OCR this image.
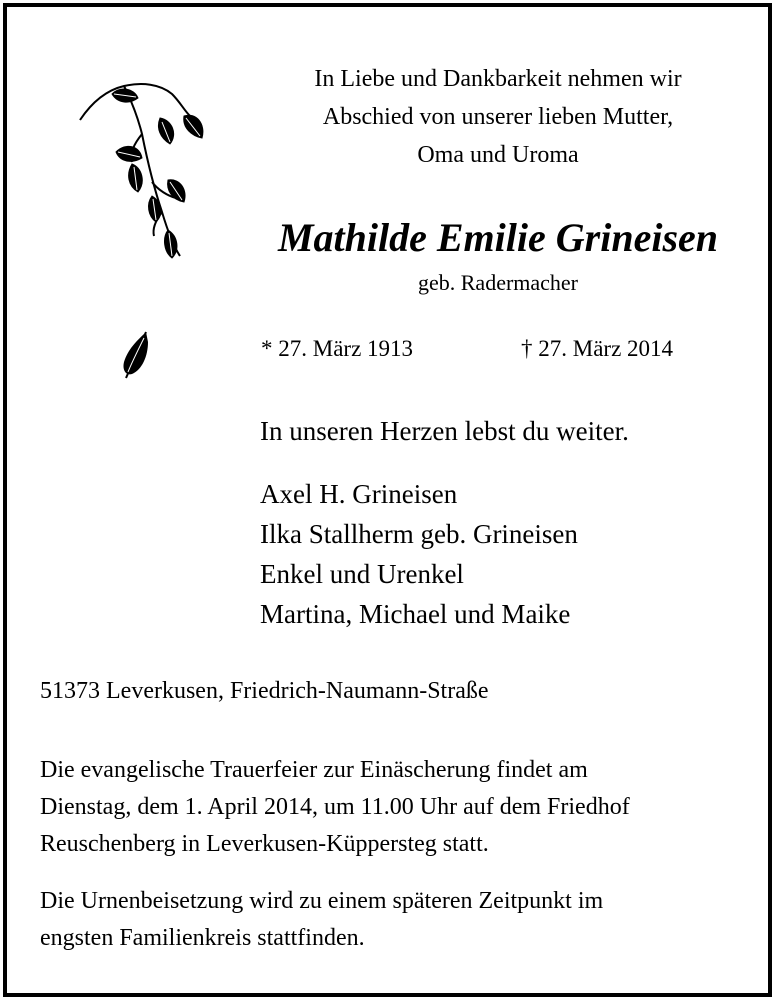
In Liebe und Dankbarkeit nehmen wir
Abschied von unserer lieben Mutter,
Oma und Uroma
Mathilde Emilie Grineisen
geb. Radermacher
* 27. März 1913	† 27. März 2014
In unseren Herzen lebst du weiter.
Axel H. Grineisen
Ilka Stallherm geb. Grineisen
Enkel und Urenkel
Martina, Michael und Maike
51373 Leverkusen, Friedrich-Naumann-Straße
Die evangelische Trauerfeier zur Einäscherung findet am
Dienstag, dem 1. April 2014, um 11.00 Uhr auf dem Friedhof
Reuschenberg in Leverkusen-Küppersteg statt.
Die Urnenbeisetzung wird zu einem späteren Zeitpunkt im
engsten Familienkreis stattfinden.
